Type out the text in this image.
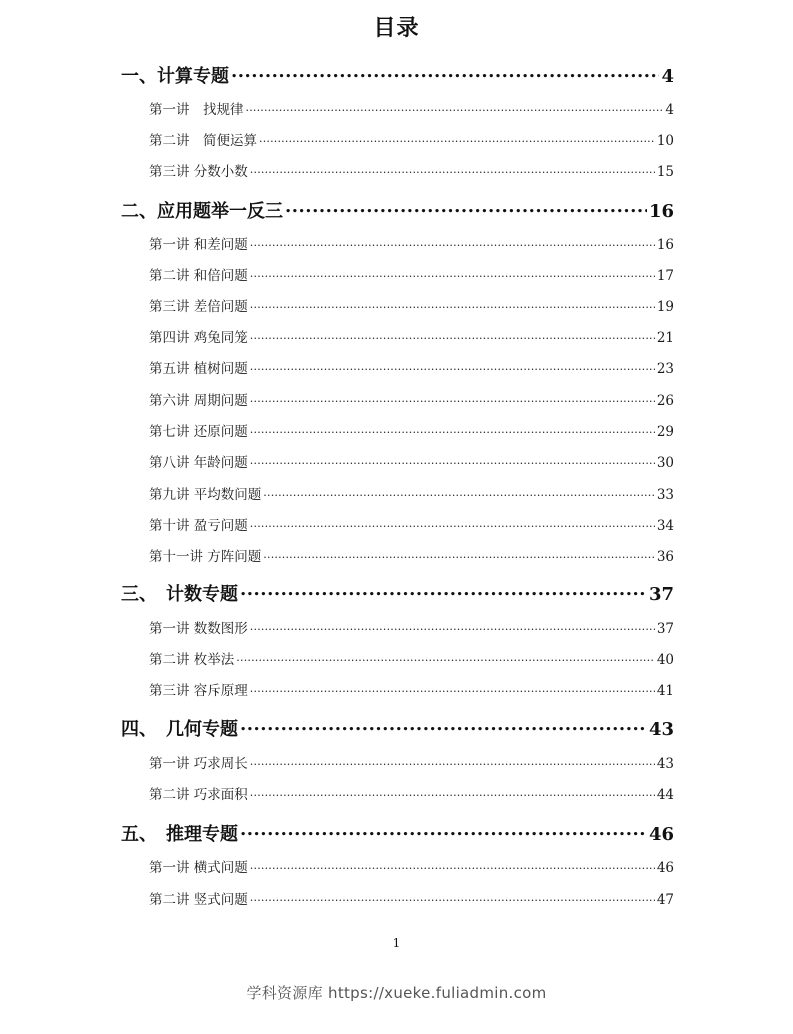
目录
一、计算专题 .....	4
第一讲　找规律 .....	4
第二讲　简便运算 .....	10
第三讲 分数小数 .....	15
二、应用题举一反三 .....	16
第一讲 和差问题 .....	16
第二讲 和倍问题 .....	17
第三讲 差倍问题 .....	19
第四讲 鸡兔同笼 .....	21
第五讲 植树问题 .....	23
第六讲 周期问题 .....	26
第七讲 还原问题 .....	29
第八讲 年龄问题 .....	30
第九讲 平均数问题 .....	33
第十讲 盈亏问题 .....	34
第十一讲 方阵问题 .....	36
三、　计数专题 .....	37
第一讲 数数图形 .....	37
第二讲 枚举法 .....	40
第三讲 容斥原理 .....	41
四、　几何专题 .....	43
第一讲 巧求周长 .....	43
第二讲 巧求面积 .....	44
五、　推理专题 .....	46
第一讲 横式问题 .....	46
第二讲 竖式问题 .....	47
1
学科资源库 https://xueke.fuliadmin.com
